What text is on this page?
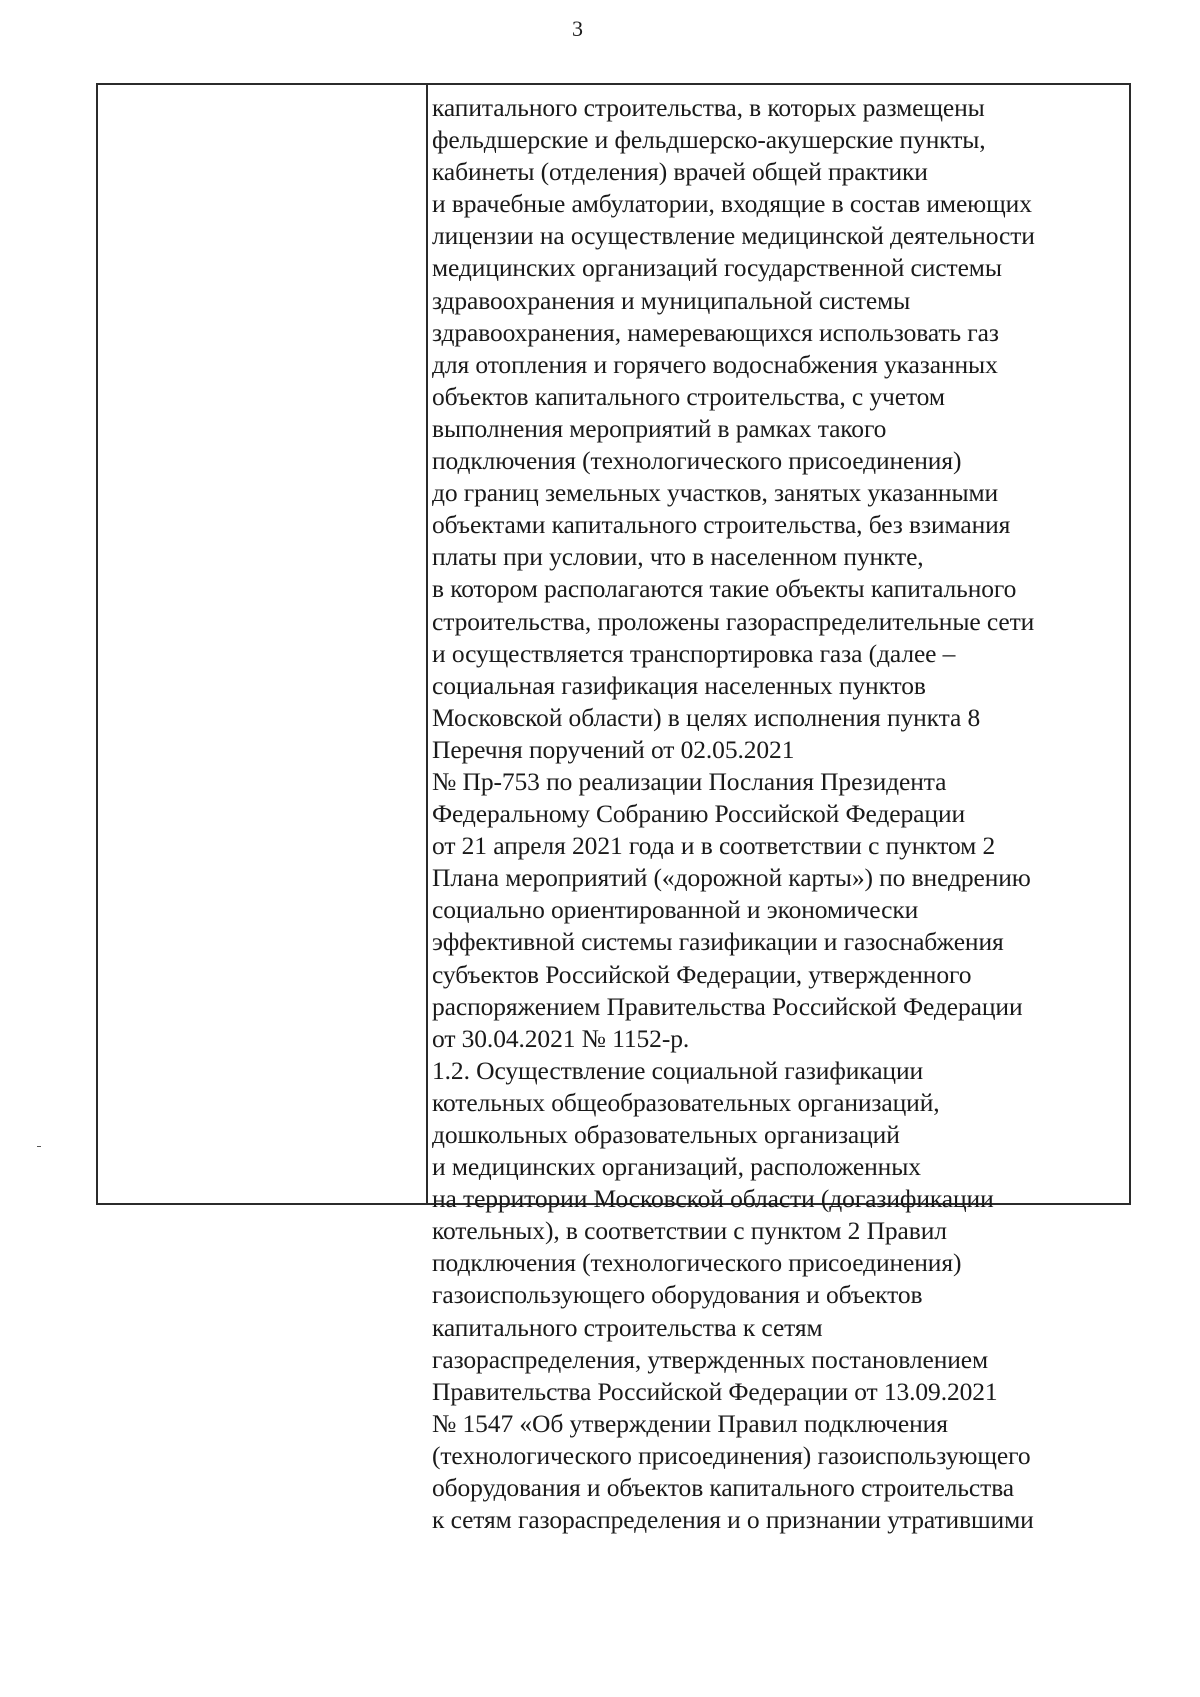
3
капитального строительства, в которых размещены
фельдшерские и фельдшерско-акушерские пункты,
кабинеты (отделения) врачей общей практики
и врачебные амбулатории, входящие в состав имеющих
лицензии на осуществление медицинской деятельности
медицинских организаций государственной системы
здравоохранения и муниципальной системы
здравоохранения, намеревающихся использовать газ
для отопления и горячего водоснабжения указанных
объектов капитального строительства, с учетом
выполнения мероприятий в рамках такого
подключения (технологического присоединения)
до границ земельных участков, занятых указанными
объектами капитального строительства, без взимания
платы при условии, что в населенном пункте,
в котором располагаются такие объекты капитального
строительства, проложены газораспределительные сети
и осуществляется транспортировка газа (далее –
социальная газификация населенных пунктов
Московской области) в целях исполнения пункта 8
Перечня поручений от 02.05.2021
№ Пр-753 по реализации Послания Президента
Федеральному Собранию Российской Федерации
от 21 апреля 2021 года и в соответствии с пунктом 2
Плана мероприятий («дорожной карты») по внедрению
социально ориентированной и экономически
эффективной системы газификации и газоснабжения
субъектов Российской Федерации, утвержденного
распоряжением Правительства Российской Федерации
от 30.04.2021 № 1152-р.
1.2. Осуществление социальной газификации
котельных общеобразовательных организаций,
дошкольных образовательных организаций
и медицинских организаций, расположенных
на территории Московской области (догазификации
котельных), в соответствии с пунктом 2 Правил
подключения (технологического присоединения)
газоиспользующего оборудования и объектов
капитального строительства к сетям
газораспределения, утвержденных постановлением
Правительства Российской Федерации от 13.09.2021
№ 1547 «Об утверждении Правил подключения
(технологического присоединения) газоиспользующего
оборудования и объектов капитального строительства
к сетям газораспределения и о признании утратившими
